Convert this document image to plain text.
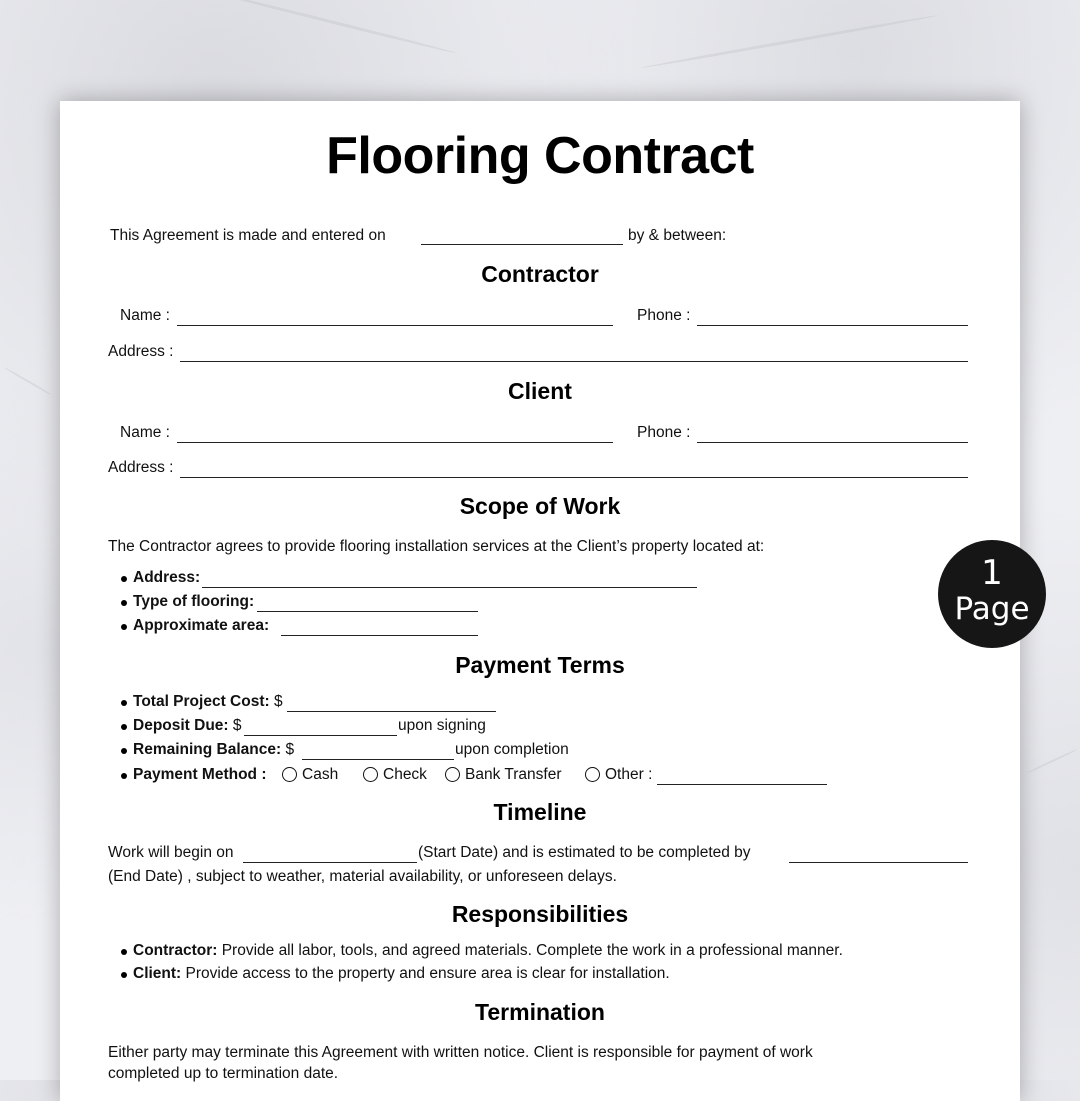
Flooring Contract
This Agreement is made and entered on	by & between:
Contractor
Name :	Phone :
Address :
Client
Name :	Phone :
Address :
Scope of Work
The Contractor agrees to provide flooring installation services at the Client’s property located at:
Address:
Type of flooring:
Approximate area:
Payment Terms
Total Project Cost: $
Deposit Due: $	upon signing
Remaining Balance: $	upon completion
Payment Method : Cash	Check Bank Transfer	Other :
Timeline
Work will begin on	(Start Date) and is estimated to be completed by
(End Date) , subject to weather, material availability, or unforeseen delays.
Responsibilities
Contractor: Provide all labor, tools, and agreed materials. Complete the work in a professional manner.
Client: Provide access to the property and ensure area is clear for installation.
Termination
Either party may terminate this Agreement with written notice. Client is responsible for payment of work
completed up to termination date.
1
Page
